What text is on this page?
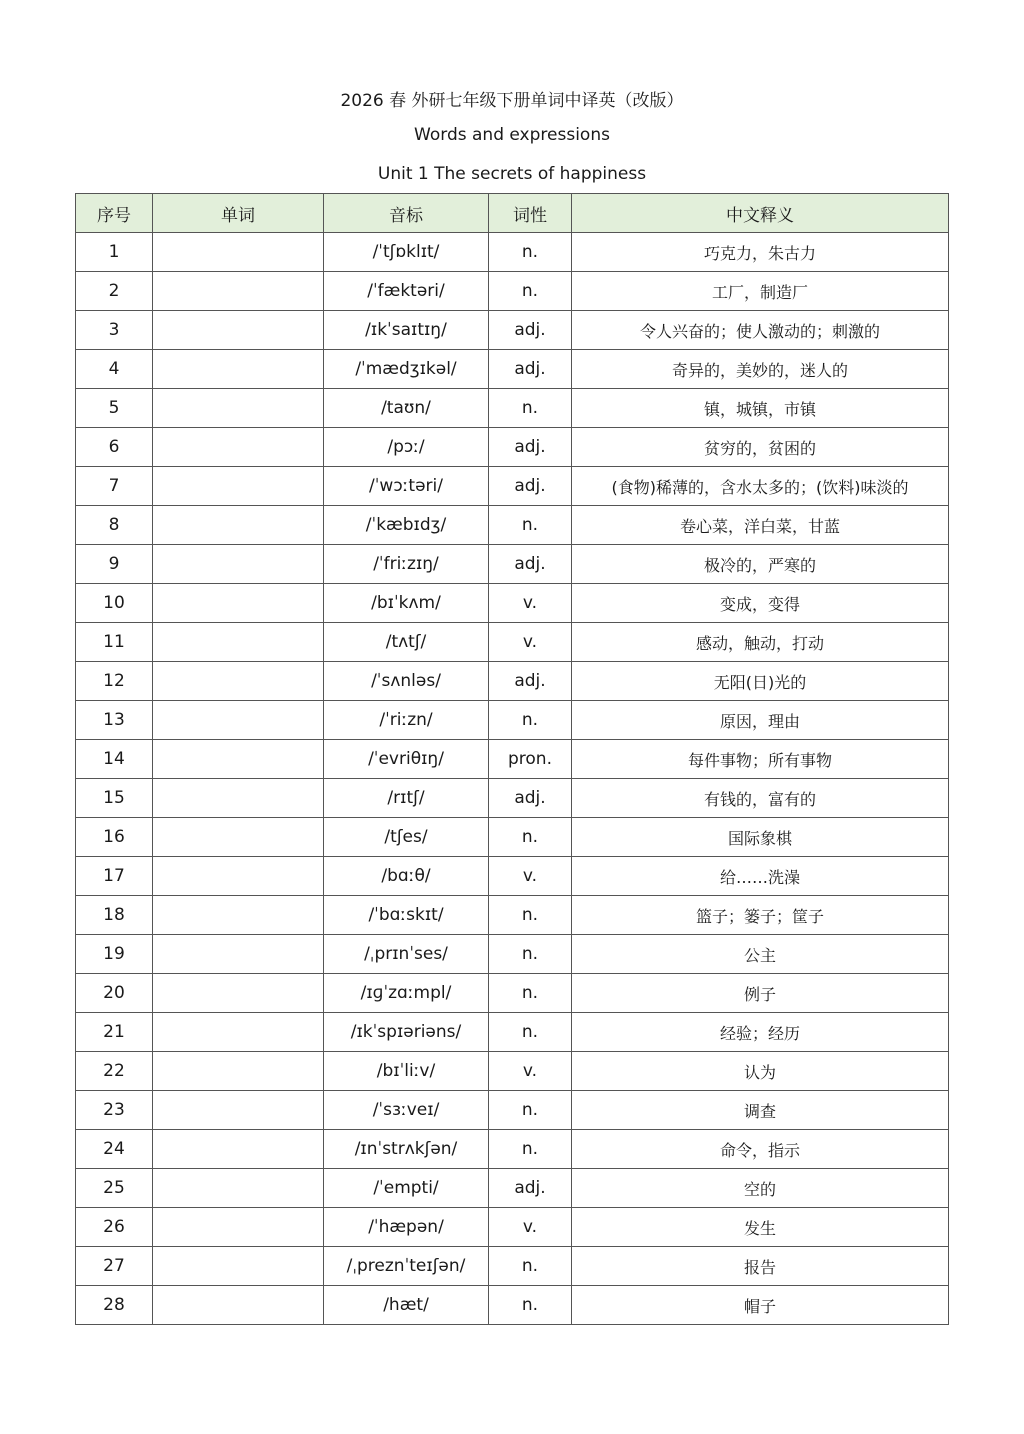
2026 春 外研七年级下册单词中译英（改版）
Words and expressions
Unit 1 The secrets of happiness
序号	单词	音标	词性	中文释义
1		/ˈtʃɒklɪt/	n.	巧克力，朱古力
2		/ˈfæktəri/	n.	工厂，制造厂
3		/ɪkˈsaɪtɪŋ/	adj.	令人兴奋的；使人激动的；刺激的
4		/ˈmædʒɪkəl/	adj.	奇异的，美妙的，迷人的
5		/taʊn/	n.	镇，城镇，市镇
6		/pɔː/	adj.	贫穷的，贫困的
7		/ˈwɔːtəri/	adj.	(食物)稀薄的，含水太多的；(饮料)味淡的
8		/ˈkæbɪdʒ/	n.	卷心菜，洋白菜，甘蓝
9		/ˈfriːzɪŋ/	adj.	极冷的，严寒的
10		/bɪˈkʌm/	v.	变成，变得
11		/tʌtʃ/	v.	感动，触动，打动
12		/ˈsʌnləs/	adj.	无阳(日)光的
13		/ˈriːzn/	n.	原因，理由
14		/ˈevriθɪŋ/	pron.	每件事物；所有事物
15		/rɪtʃ/	adj.	有钱的，富有的
16		/tʃes/	n.	国际象棋
17		/bɑːθ/	v.	给……洗澡
18		/ˈbɑːskɪt/	n.	篮子；篓子；筐子
19		/ˌprɪnˈses/	n.	公主
20		/ɪɡˈzɑːmpl/	n.	例子
21		/ɪkˈspɪəriəns/	n.	经验；经历
22		/bɪˈliːv/	v.	认为
23		/ˈsɜːveɪ/	n.	调查
24		/ɪnˈstrʌkʃən/	n.	命令，指示
25		/ˈempti/	adj.	空的
26		/ˈhæpən/	v.	发生
27		/ˌpreznˈteɪʃən/	n.	报告
28		/hæt/	n.	帽子
